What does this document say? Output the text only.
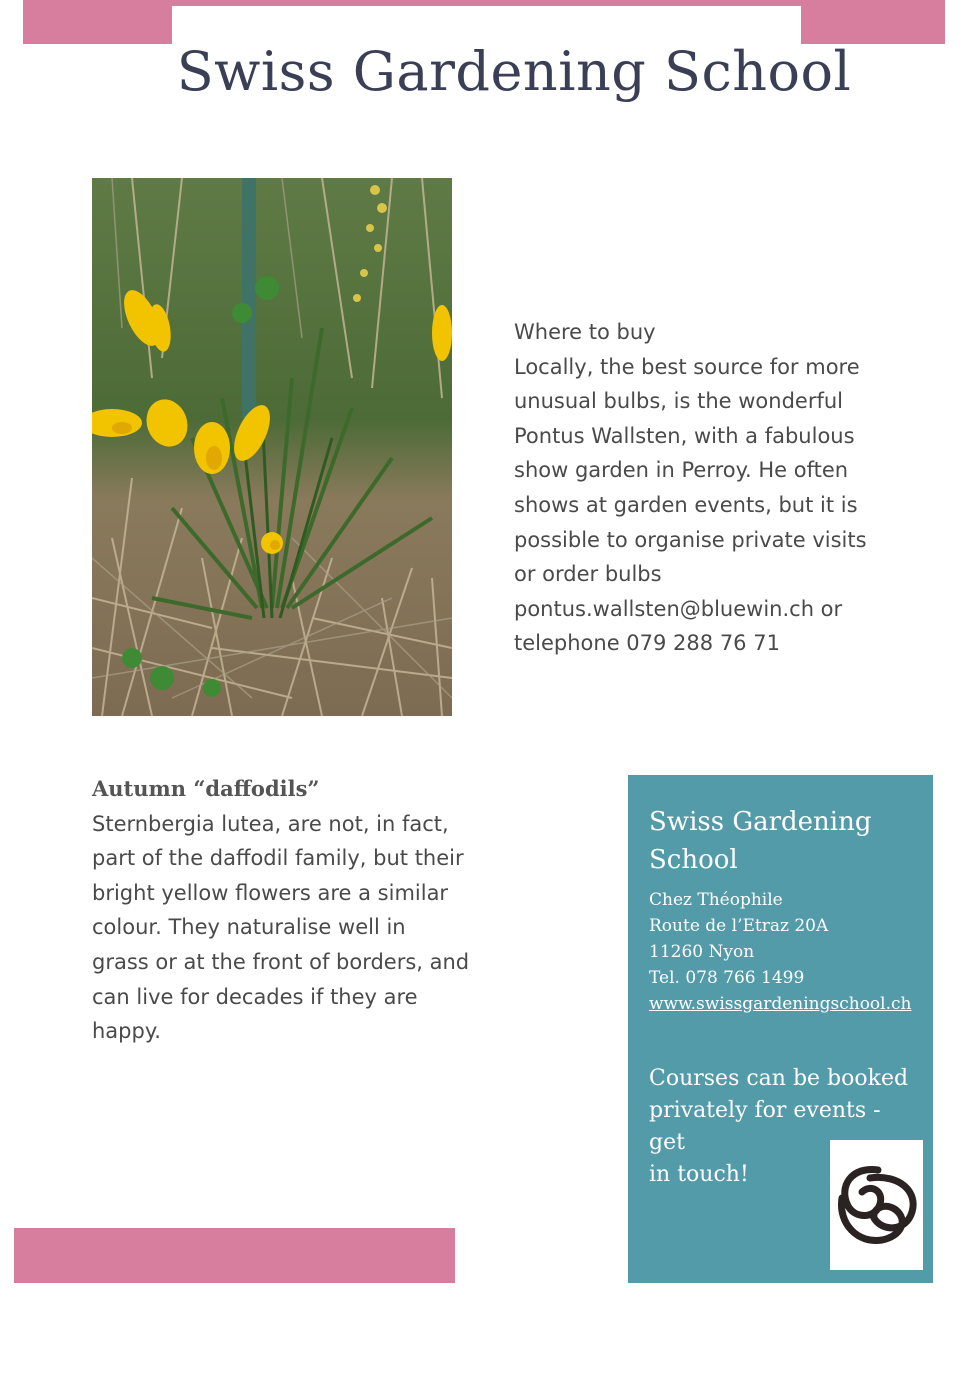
Swiss Gardening School
Where to buy
Locally, the best source for more
unusual bulbs, is the wonderful
Pontus Wallsten, with a fabulous
show garden in Perroy. He often
shows at garden events, but it is
possible to organise private visits
or order bulbs
pontus.wallsten@bluewin.ch or
telephone 079 288 76 71
Autumn “daffodils”
Sternbergia lutea, are not, in fact,
part of the daffodil family, but their
bright yellow flowers are a similar
colour. They naturalise well in
grass or at the front of borders, and
can live for decades if they are
happy.
Swiss Gardening
School
Chez Théophile
Route de l’Etraz 20A
11260 Nyon
Tel. 078 766 1499
www.swissgardeningschool.ch
Courses can be booked
privately for events - get
in touch!
